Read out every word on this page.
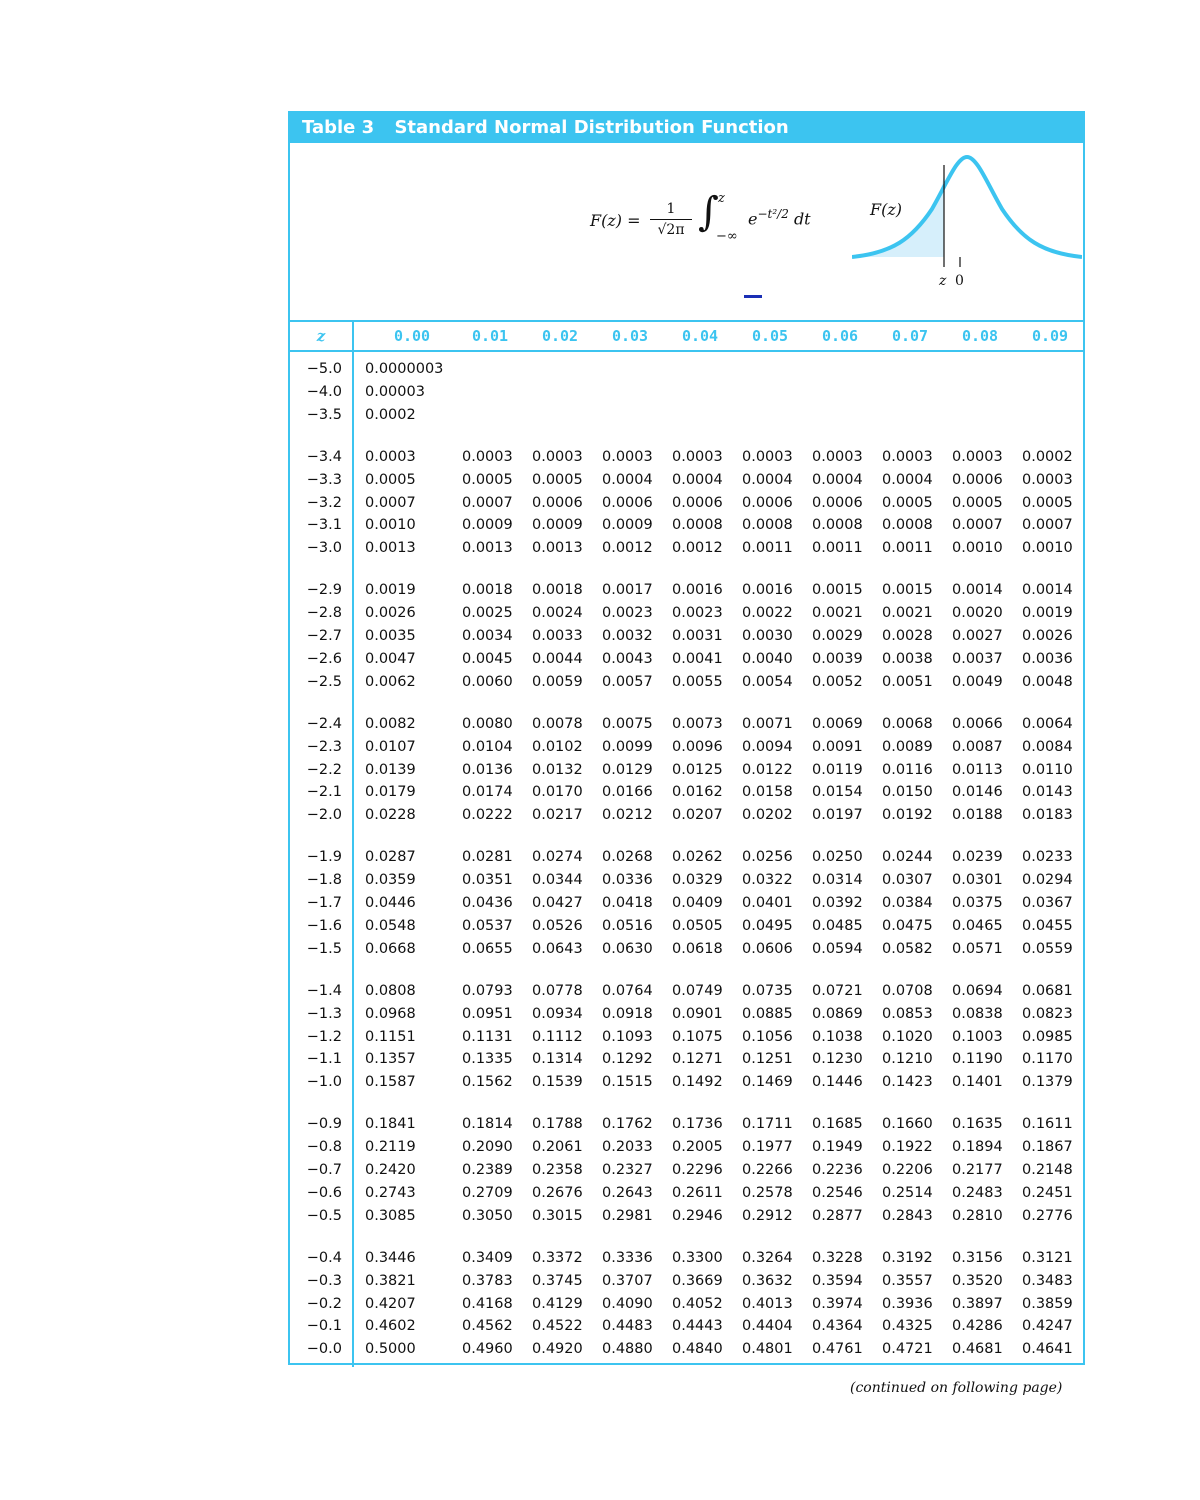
Table 3 Standard Normal Distribution Function
F(z) =
1
√2π ∫ z
−∞
$e^{-t^2/2}$ dt	F(z)
z 0
z	0.00	0.01	0.02	0.03	0.04	0.05	0.06	0.07	0.08	0.09
−5.0 0.0000003
−4.0 0.00003
−3.5 0.0002
−3.4 0.0003	0.0003 0.0003 0.0003 0.0003 0.0003 0.0003 0.0003 0.0003 0.0002
−3.3 0.0005	0.0005 0.0005 0.0004 0.0004 0.0004 0.0004 0.0004 0.0006 0.0003
−3.2 0.0007	0.0007 0.0006 0.0006 0.0006 0.0006 0.0006 0.0005 0.0005 0.0005
−3.1 0.0010	0.0009 0.0009 0.0009 0.0008 0.0008 0.0008 0.0008 0.0007 0.0007
−3.0 0.0013	0.0013 0.0013 0.0012 0.0012 0.0011 0.0011 0.0011 0.0010 0.0010
−2.9 0.0019	0.0018 0.0018 0.0017 0.0016 0.0016 0.0015 0.0015 0.0014 0.0014
−2.8 0.0026	0.0025 0.0024 0.0023 0.0023 0.0022 0.0021 0.0021 0.0020 0.0019
−2.7 0.0035	0.0034 0.0033 0.0032 0.0031 0.0030 0.0029 0.0028 0.0027 0.0026
−2.6 0.0047	0.0045 0.0044 0.0043 0.0041 0.0040 0.0039 0.0038 0.0037 0.0036
−2.5 0.0062	0.0060 0.0059 0.0057 0.0055 0.0054 0.0052 0.0051 0.0049 0.0048
−2.4 0.0082	0.0080 0.0078 0.0075 0.0073 0.0071 0.0069 0.0068 0.0066 0.0064
−2.3 0.0107	0.0104 0.0102 0.0099 0.0096 0.0094 0.0091 0.0089 0.0087 0.0084
−2.2 0.0139	0.0136 0.0132 0.0129 0.0125 0.0122 0.0119 0.0116 0.0113 0.0110
−2.1 0.0179	0.0174 0.0170 0.0166 0.0162 0.0158 0.0154 0.0150 0.0146 0.0143
−2.0 0.0228	0.0222 0.0217 0.0212 0.0207 0.0202 0.0197 0.0192 0.0188 0.0183
−1.9 0.0287	0.0281 0.0274 0.0268 0.0262 0.0256 0.0250 0.0244 0.0239 0.0233
−1.8 0.0359	0.0351 0.0344 0.0336 0.0329 0.0322 0.0314 0.0307 0.0301 0.0294
−1.7 0.0446	0.0436 0.0427 0.0418 0.0409 0.0401 0.0392 0.0384 0.0375 0.0367
−1.6 0.0548	0.0537 0.0526 0.0516 0.0505 0.0495 0.0485 0.0475 0.0465 0.0455
−1.5 0.0668	0.0655 0.0643 0.0630 0.0618 0.0606 0.0594 0.0582 0.0571 0.0559
−1.4 0.0808	0.0793 0.0778 0.0764 0.0749 0.0735 0.0721 0.0708 0.0694 0.0681
−1.3 0.0968	0.0951 0.0934 0.0918 0.0901 0.0885 0.0869 0.0853 0.0838 0.0823
−1.2 0.1151	0.1131 0.1112 0.1093 0.1075 0.1056 0.1038 0.1020 0.1003 0.0985
−1.1 0.1357	0.1335 0.1314 0.1292 0.1271 0.1251 0.1230 0.1210 0.1190 0.1170
−1.0 0.1587	0.1562 0.1539 0.1515 0.1492 0.1469 0.1446 0.1423 0.1401 0.1379
−0.9 0.1841	0.1814 0.1788 0.1762 0.1736 0.1711 0.1685 0.1660 0.1635 0.1611
−0.8 0.2119	0.2090 0.2061 0.2033 0.2005 0.1977 0.1949 0.1922 0.1894 0.1867
−0.7 0.2420	0.2389 0.2358 0.2327 0.2296 0.2266 0.2236 0.2206 0.2177 0.2148
−0.6 0.2743	0.2709 0.2676 0.2643 0.2611 0.2578 0.2546 0.2514 0.2483 0.2451
−0.5 0.3085	0.3050 0.3015 0.2981 0.2946 0.2912 0.2877 0.2843 0.2810 0.2776
−0.4 0.3446	0.3409 0.3372 0.3336 0.3300 0.3264 0.3228 0.3192 0.3156 0.3121
−0.3 0.3821	0.3783 0.3745 0.3707 0.3669 0.3632 0.3594 0.3557 0.3520 0.3483
−0.2 0.4207	0.4168 0.4129 0.4090 0.4052 0.4013 0.3974 0.3936 0.3897 0.3859
−0.1 0.4602	0.4562 0.4522 0.4483 0.4443 0.4404 0.4364 0.4325 0.4286 0.4247
−0.0 0.5000	0.4960 0.4920 0.4880 0.4840 0.4801 0.4761 0.4721 0.4681 0.4641
(continued on following page)
